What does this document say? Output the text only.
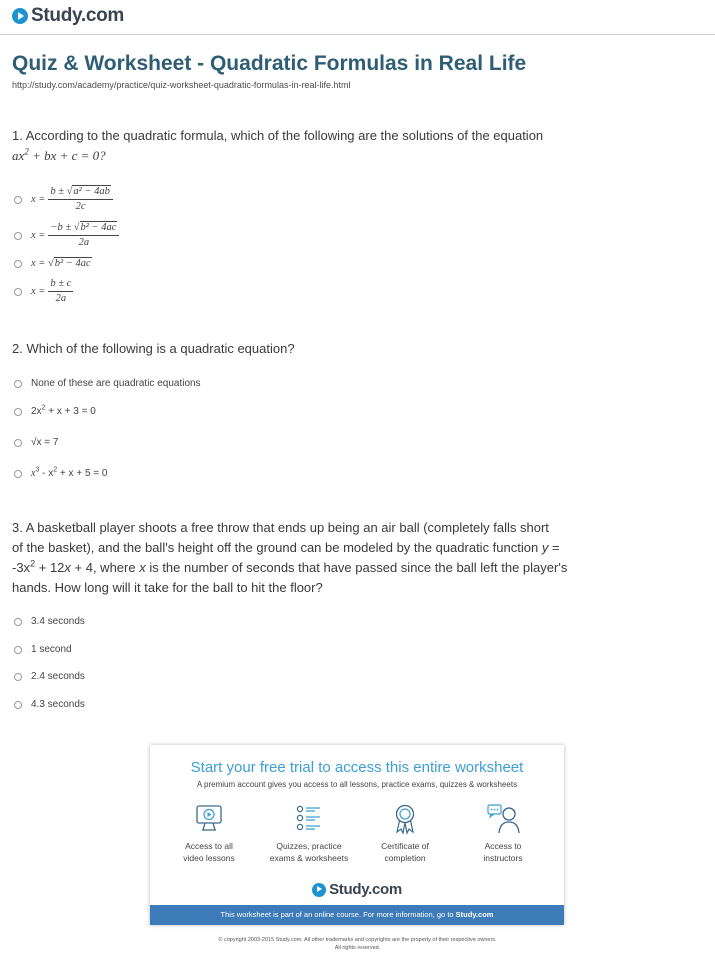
Study.com
Quiz & Worksheet - Quadratic Formulas in Real Life
http://study.com/academy/practice/quiz-worksheet-quadratic-formulas-in-real-life.html
1. According to the quadratic formula, which of the following are the solutions of the equation
$ax^2$ + bx + c = 0?
$x = \frac{\text{b ± √a² − 4ab}}{2c}$
$x = \frac{\text{−b ± √b² − 4ac}}{2a}$
x = √b² − 4ac
$x = \frac{b \pm c}{2a}$
2. Which of the following is a quadratic equation?
None of these are quadratic equations
$2x^2 + x + 3 = 0$
√x = 7
$x^3 - x^2 + x + 5 = 0$
3. A basketball player shoots a free throw that ends up being an air ball (completely falls short
of the basket), and the ball's height off the ground can be modeled by the quadratic function y =
$-3x^2 + 12x + 4$, where x is the number of seconds that have passed since the ball left the player's
hands. How long will it take for the ball to hit the floor?
3.4 seconds
1 second
2.4 seconds
4.3 seconds
Start your free trial to access this entire worksheet
A premium account gives you access to all lessons, practice exams, quizzes & worksheets
Access to all
video lessons
Quizzes, practice
exams & worksheets
Certificate of
completion
Access to
instructors
Study.com
This worksheet is part of an online course. For more information, go to Study.com
© copyright 2003-2015 Study.com. All other trademarks and copyrights are the property of their respective owners.
All rights reserved.
